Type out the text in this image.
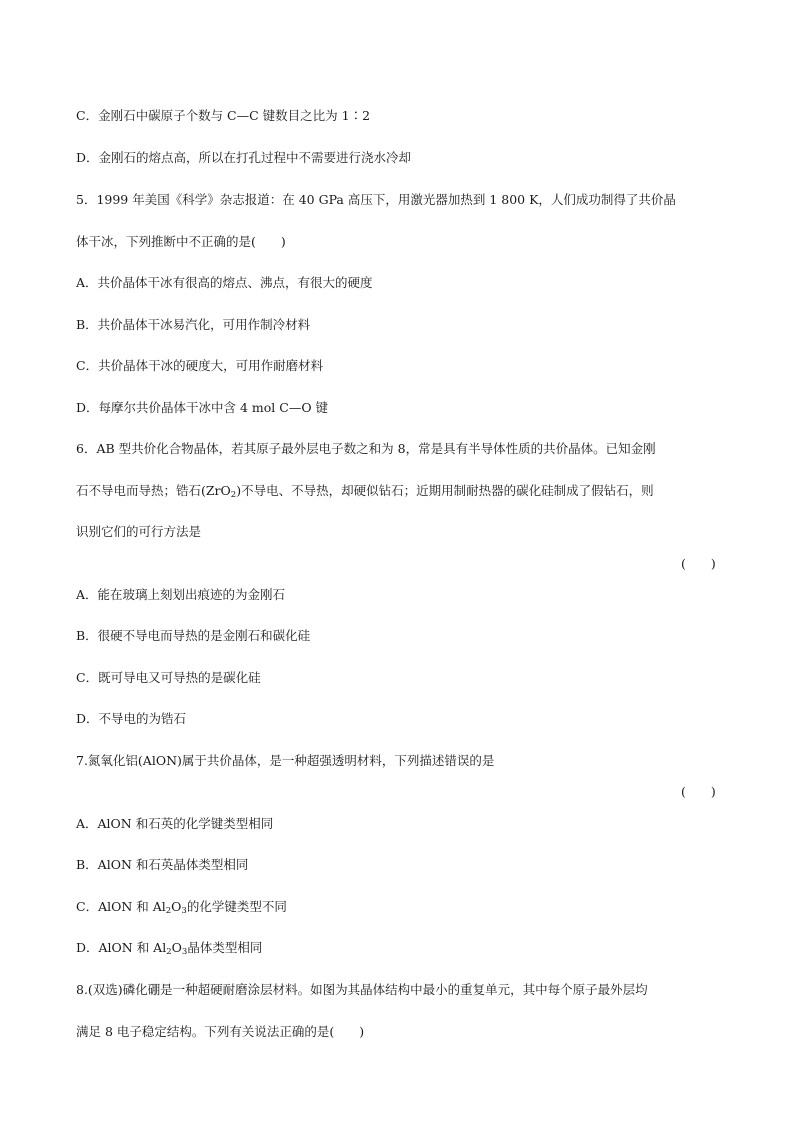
C．金刚石中碳原子个数与 C—C 键数目之比为 1∶2
D．金刚石的熔点高，所以在打孔过程中不需要进行浇水冷却
5．1999 年美国《科学》杂志报道：在 40 GPa 高压下，用激光器加热到 1 800 K，人们成功制得了共价晶
体干冰，下列推断中不正确的是(　　)
A．共价晶体干冰有很高的熔点、沸点，有很大的硬度
B．共价晶体干冰易汽化，可用作制冷材料
C．共价晶体干冰的硬度大，可用作耐磨材料
D．每摩尔共价晶体干冰中含 4 mol C—O 键
6．AB 型共价化合物晶体，若其原子最外层电子数之和为 8，常是具有半导体性质的共价晶体。已知金刚
石不导电而导热；锆石(ZrO$_2$)不导电、不导热，却硬似钻石；近期用制耐热器的碳化硅制成了假钻石，则
识别它们的可行方法是
(　　)
A．能在玻璃上刻划出痕迹的为金刚石
B．很硬不导电而导热的是金刚石和碳化硅
C．既可导电又可导热的是碳化硅
D．不导电的为锆石
7.氮氧化铝(AlON)属于共价晶体，是一种超强透明材料，下列描述错误的是
(　　)
A．AlON 和石英的化学键类型相同
B．AlON 和石英晶体类型相同
C．AlON 和 $Al_2O_3$的化学键类型不同
D．AlON 和 $Al_2O_3$晶体类型相同
8.(双选)磷化硼是一种超硬耐磨涂层材料。如图为其晶体结构中最小的重复单元，其中每个原子最外层均
满足 8 电子稳定结构。下列有关说法正确的是(　　)
